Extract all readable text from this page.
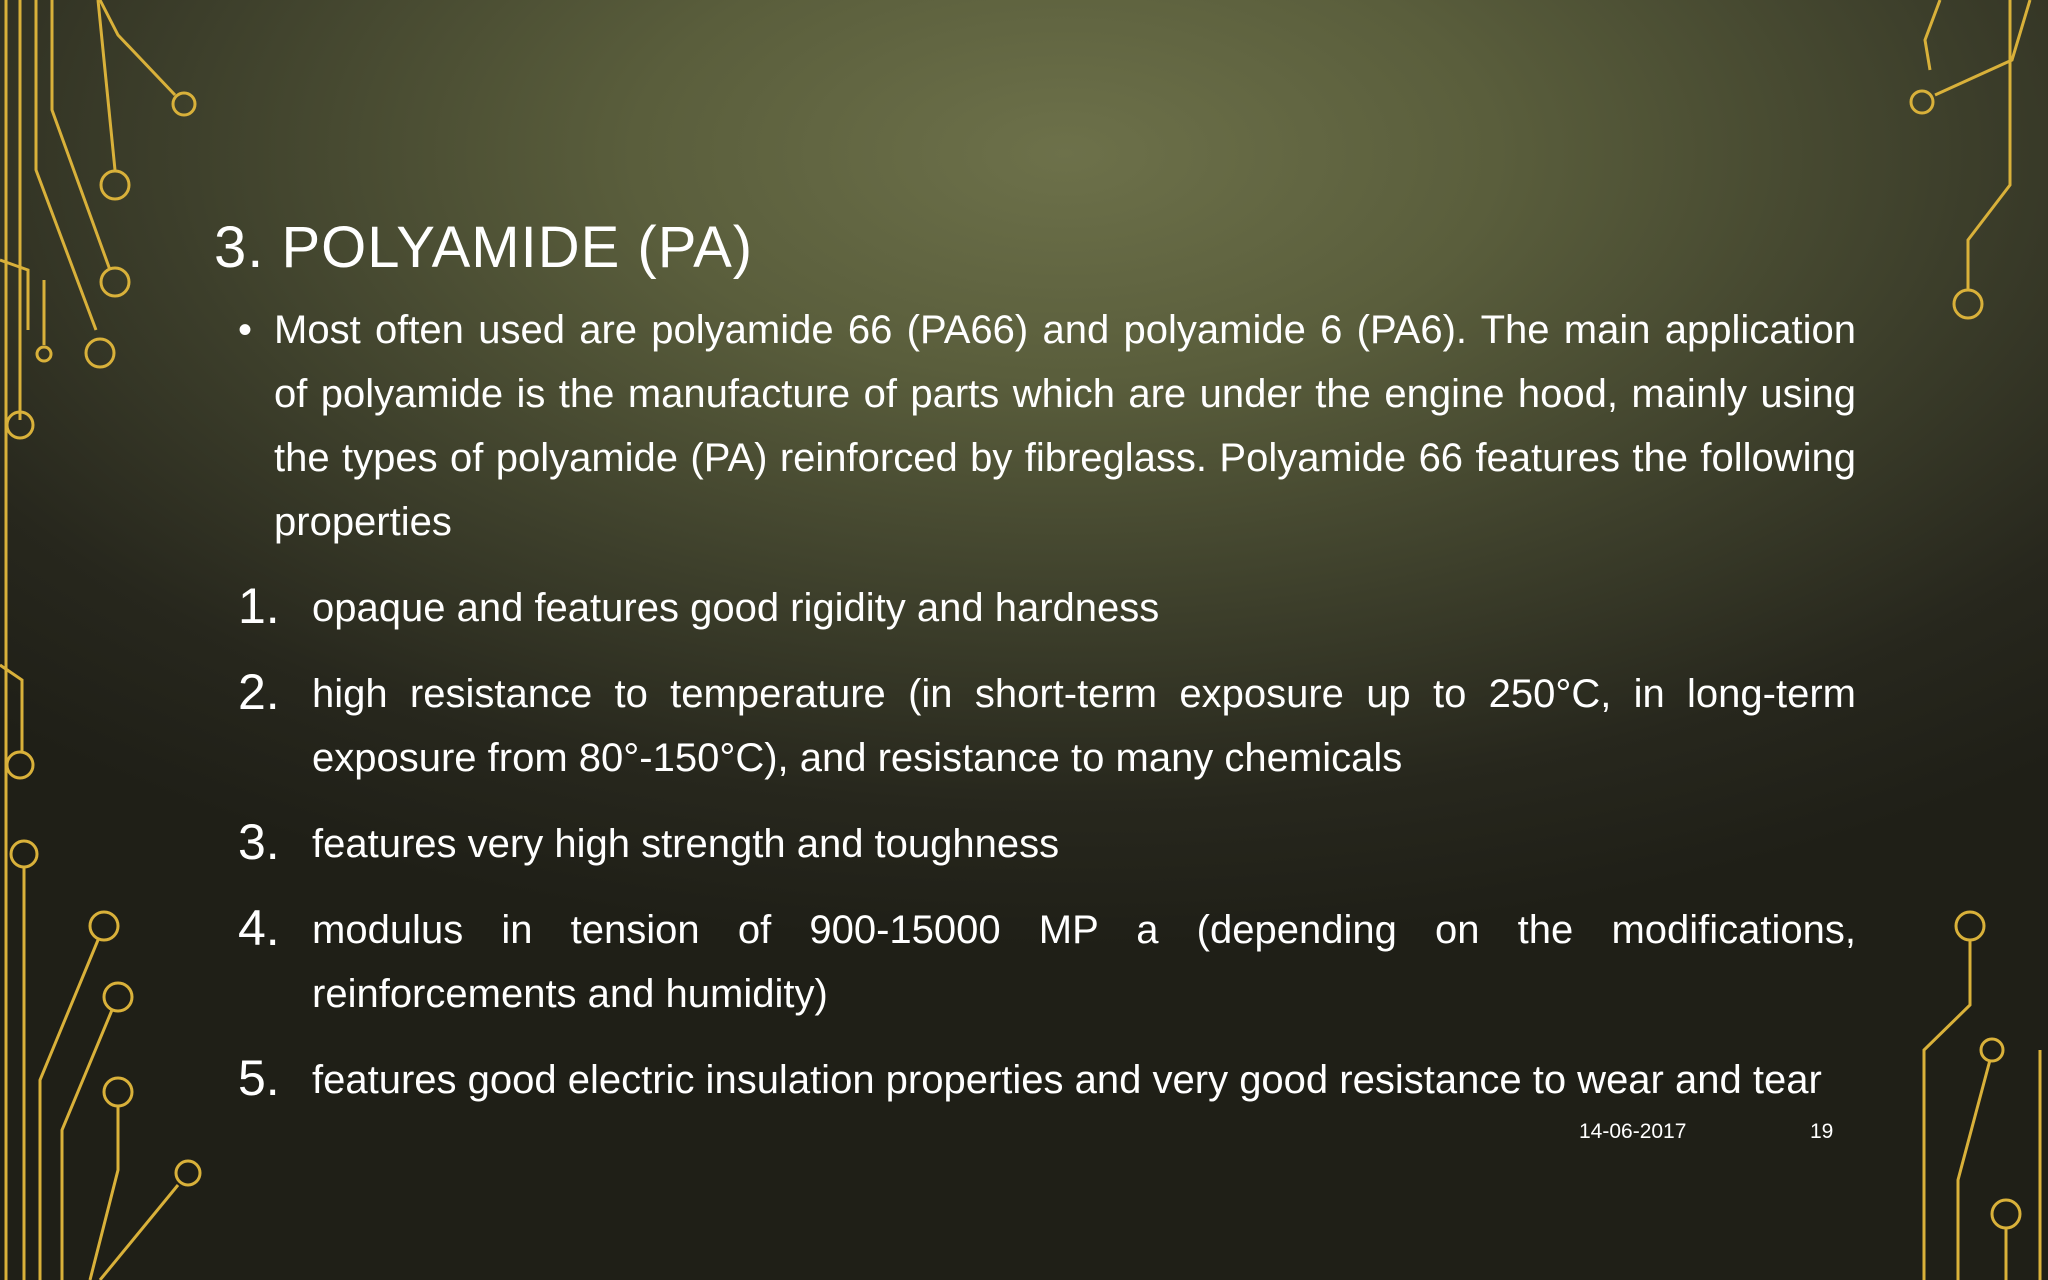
3. POLYAMIDE (PA)
• Most often used are polyamide 66 (PA66) and polyamide 6 (PA6). The main application of polyamide is the manufacture of parts which are under the engine hood, mainly using the types of polyamide (PA) reinforced by fibreglass. Polyamide 66 features the following properties
1. opaque and features good rigidity and hardness
2. high resistance to temperature (in short-term exposure up to 250°C, in long-term exposure from 80°-150°C), and resistance to many chemicals
3. features very high strength and toughness
4. modulus in tension of 900-15000 MP a (depending on the modifications, reinforcements and humidity)
5. features good electric insulation properties and very good resistance to wear and tear
14-06-2017	19
